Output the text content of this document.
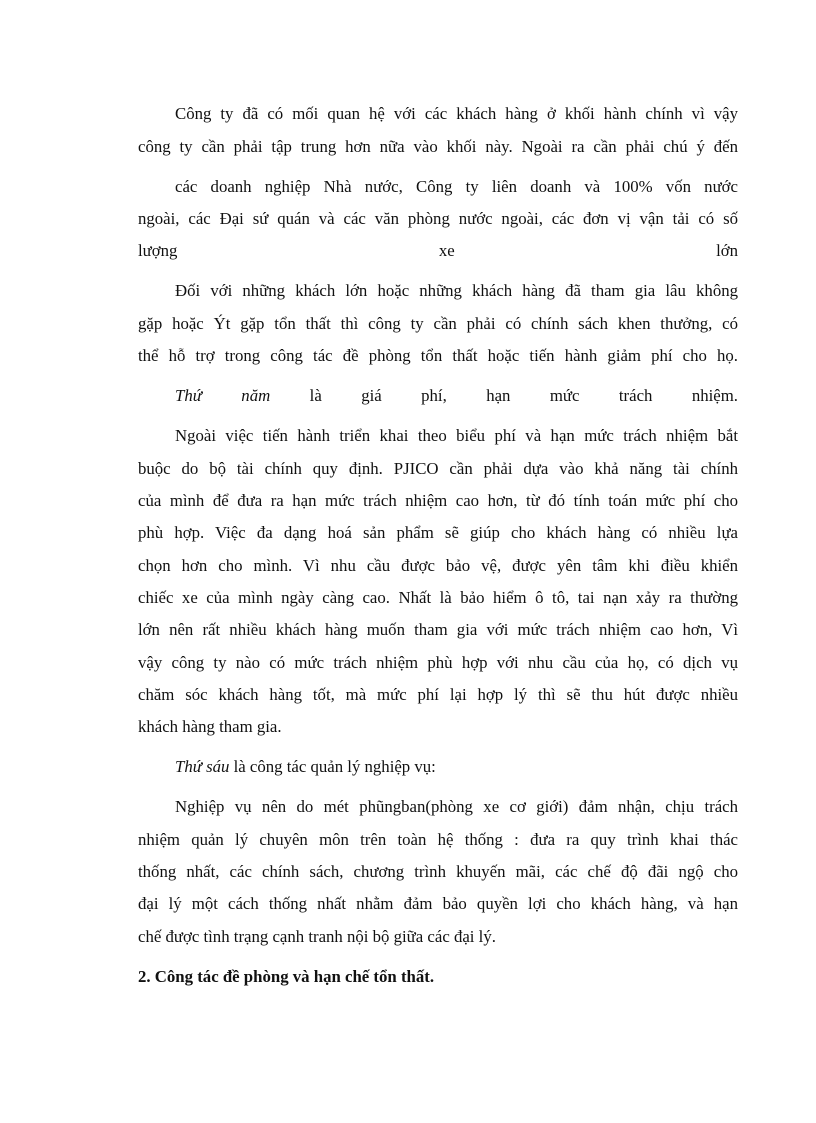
Công ty đã có mối quan hệ với các khách hàng ở khối hành chính vì vậy

công ty cần phải tập trung hơn nữa vào khối này. Ngoài ra cần phải chú ý đến

các doanh nghiệp Nhà nước, Công ty liên doanh và 100% vốn nước

ngoài, các Đại sứ quán và các văn phòng nước ngoài, các đơn vị vận tải có số

lượng xe lớn

Đối với những khách lớn hoặc những khách hàng đã tham gia lâu không

gặp hoặc Ýt gặp tổn thất thì công ty cần phải có chính sách khen thưởng, có

thể hỗ trợ trong công tác đề phòng tổn thất hoặc tiến hành giảm phí cho họ.

Thứ năm là giá phí, hạn mức trách nhiệm.

Ngoài việc tiến hành triển khai theo biểu phí và hạn mức trách nhiệm bắt

buộc do bộ tài chính quy định. PJICO cần phải dựa vào khả năng tài chính

của mình để đưa ra hạn mức trách nhiệm cao hơn, từ đó tính toán mức phí cho

phù hợp. Việc đa dạng hoá sản phẩm sẽ giúp cho khách hàng có nhiều lựa

chọn hơn cho mình. Vì nhu cầu được bảo vệ, được yên tâm khi điều khiển

chiếc xe của mình ngày càng cao. Nhất là bảo hiểm ô tô, tai nạn xảy ra thường

lớn nên rất nhiều khách hàng muốn tham gia với mức trách nhiệm cao hơn, Vì

vậy công ty nào có mức trách nhiệm phù hợp với nhu cầu của họ, có dịch vụ

chăm sóc khách hàng tốt, mà mức phí lại hợp lý thì sẽ thu hút được nhiều

khách hàng tham gia.

Thứ sáu là công tác quản lý nghiệp vụ:

Nghiệp vụ nên do mét phũngban(phòng xe cơ giới) đảm nhận, chịu trách

nhiệm quản lý chuyên môn trên toàn hệ thống : đưa ra quy trình khai thác

thống nhất, các chính sách, chương trình khuyến mãi, các chế độ đãi ngộ cho

đại lý một cách thống nhất nhằm đảm bảo quyền lợi cho khách hàng, và hạn

chế được tình trạng cạnh tranh nội bộ giữa các đại lý.

2. Công tác đề phòng và hạn chế tổn thất.
